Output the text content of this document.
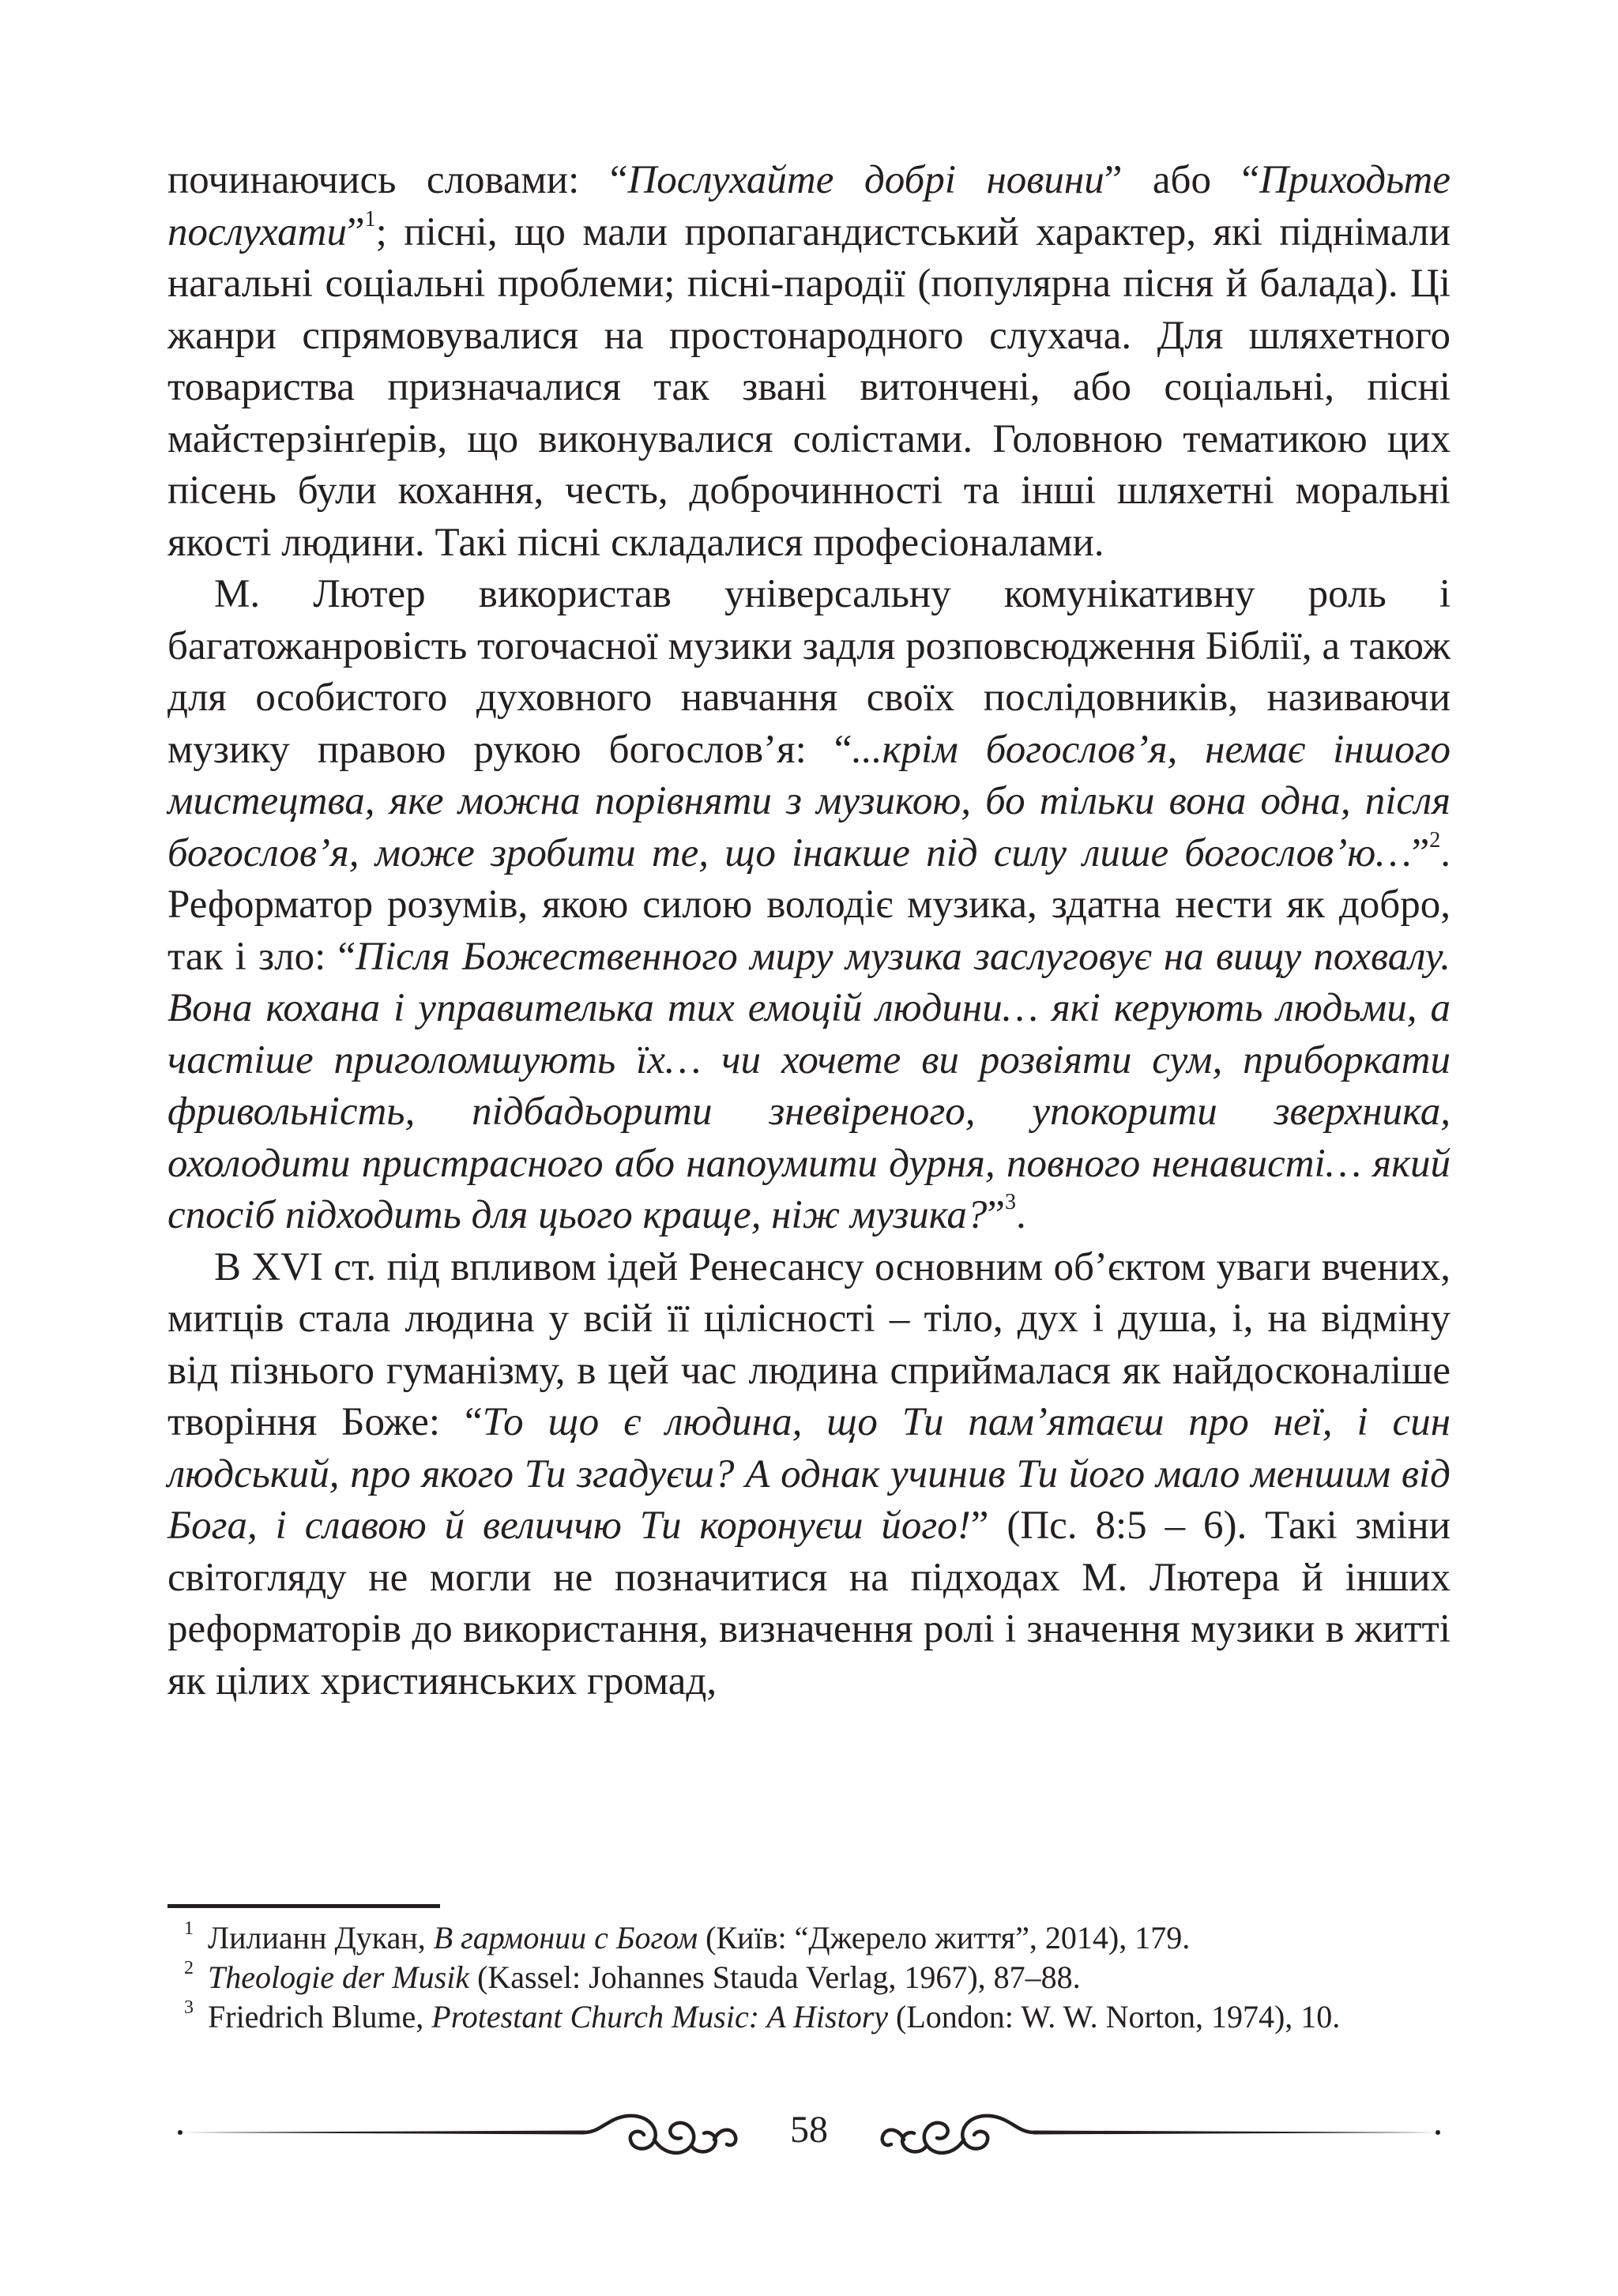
починаючись словами: “Послухайте добрі новини” або “Приходьте послухати”$^1$; пісні, що мали пропагандистський характер, які піднімали нагальні соціальні проблеми; пісні-пародії (популярна пісня й балада). Ці жанри спрямовувалися на простонародного слухача. Для шляхетного товариства призначалися так звані витончені, або соціальні, пісні майстерзінґерів, що виконувалися солістами. Головною тематикою цих пісень були кохання, честь, доброчинності та інші шляхетні моральні якості людини. Такі пісні складалися професіоналами.

М. Лютер використав універсальну комунікативну роль і багатожанровість тогочасної музики задля розповсюдження Біблії, а також для особистого духовного навчання своїх послідовників, називаючи музику правою рукою богослов’я: “...крім богослов’я, немає іншого мистецтва, яке можна порівняти з музикою, бо тільки вона одна, після богослов’я, може зробити те, що інакше під силу лише богослов’ю…”$^2$. Реформатор розумів, якою силою володіє музика, здатна нести як добро, так і зло: “Після Божественного миру музика заслуговує на вищу похвалу. Вона кохана і управителька тих емоцій людини… які керують людьми, а частіше приголомшують їх… чи хочете ви розвіяти сум, приборкати фривольність, підбадьорити зневіреного, упокорити зверхника, охолодити пристрасного або напоумити дурня, повного ненависті… який спосіб підходить для цього краще, ніж музика?”$^3$.

В XVI ст. під впливом ідей Ренесансу основним об’єктом уваги вчених, митців стала людина у всій її цілісності – тіло, дух і душа, і, на відміну від пізнього гуманізму, в цей час людина сприймалася як найдосконаліше творіння Боже: “То що є людина, що Ти пам’ятаєш про неї, і син людський, про якого Ти згадуєш? А однак учинив Ти його мало меншим від Бога, і славою й величчю Ти коронуєш його!” (Пс. 8:5 – 6). Такі зміни світогляду не могли не позначитися на підходах М. Лютера й інших реформаторів до використання, визначення ролі і значення музики в житті як цілих християнських громад,

$^1$ Лилианн Дукан, В гармонии с Богом (Київ: “Джерело життя”, 2014), 179.

$^2$ Theologie der Musik (Kassel: Johannes Stauda Verlag, 1967), 87–88.

$^3$ Friedrich Blume, Protestant Church Music: A History (London: W. W. Norton, 1974), 10.

58
